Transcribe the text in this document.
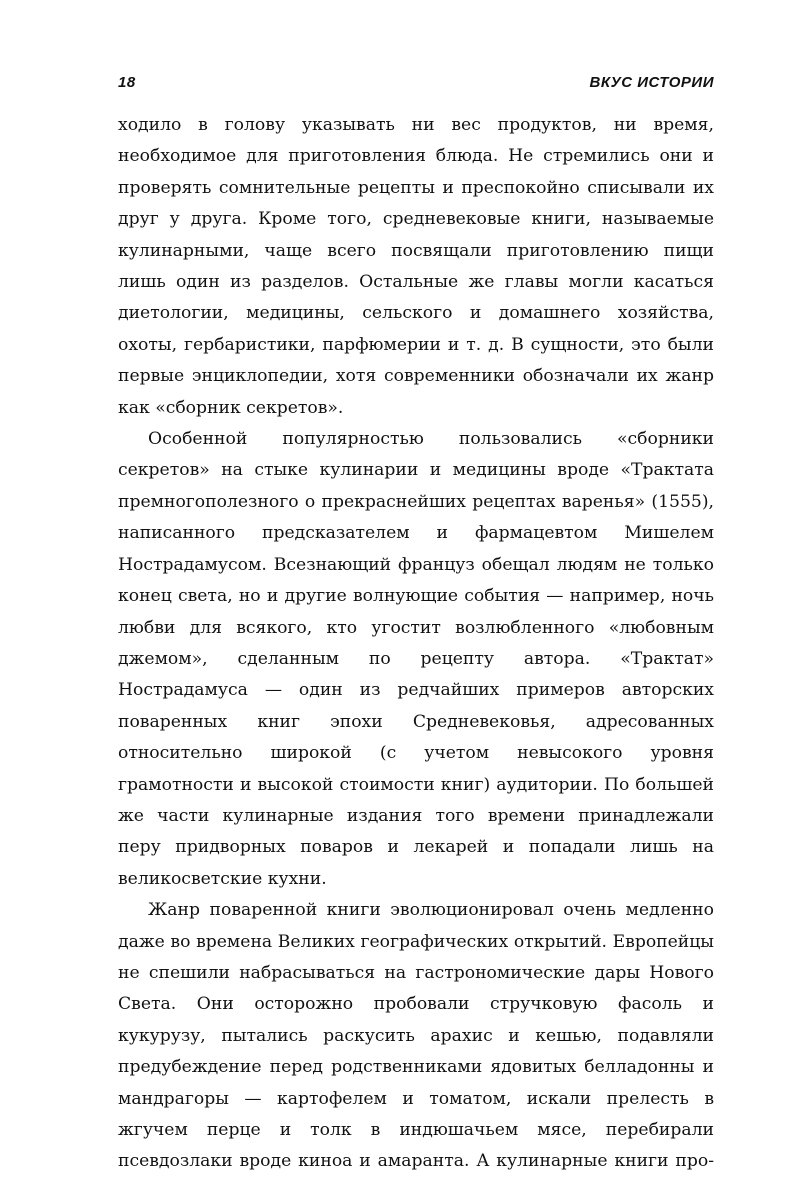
18	ВКУС ИСТОРИИ

ходило в голову указывать ни вес продуктов, ни время, необходимое для приготовления блюда. Не стремились они и проверять сомнительные рецепты и преспокойно списывали их друг у друга. Кроме того, средневековые книги, называемые кулинарными, чаще всего посвящали приготовлению пищи лишь один из разделов. Остальные же главы могли касаться диетологии, медицины, сельского и домашнего хозяйства, охоты, гербаристики, парфюмерии и т. д. В сущности, это были первые энциклопедии, хотя современники обозначали их жанр как «сборник секретов».

Особенной популярностью пользовались «сборники секретов» на стыке кулинарии и медицины вроде «Трактата премногополезного о прекраснейших рецептах варенья» (1555), написанного предсказателем и фармацевтом Мишелем Нострадамусом. Всезнающий француз обещал людям не только конец света, но и другие волнующие события — например, ночь любви для всякого, кто угостит возлюбленного «любовным джемом», сделанным по рецепту автора. «Трактат» Нострадамуса — один из редчайших примеров авторских поваренных книг эпохи Средневековья, адресованных относительно широкой (с учетом невысокого уровня грамотности и высокой стоимости книг) аудитории. По большей же части кулинарные издания того времени принадлежали перу придворных поваров и лекарей и попадали лишь на великосветские кухни.

Жанр поваренной книги эволюционировал очень медленно даже во времена Великих географических открытий. Европейцы не спешили набрасываться на гастрономические дары Нового Света. Они осторожно пробовали стручковую фасоль и кукурузу, пытались раскусить арахис и кешью, подавляли предубеждение перед родственниками ядовитых белладонны и мандрагоры — картофелем и томатом, искали прелесть в жгучем перце и толк в индюшачьем мясе, перебирали псевдозлаки вроде киноа и амаранта. А кулинарные книги про-
